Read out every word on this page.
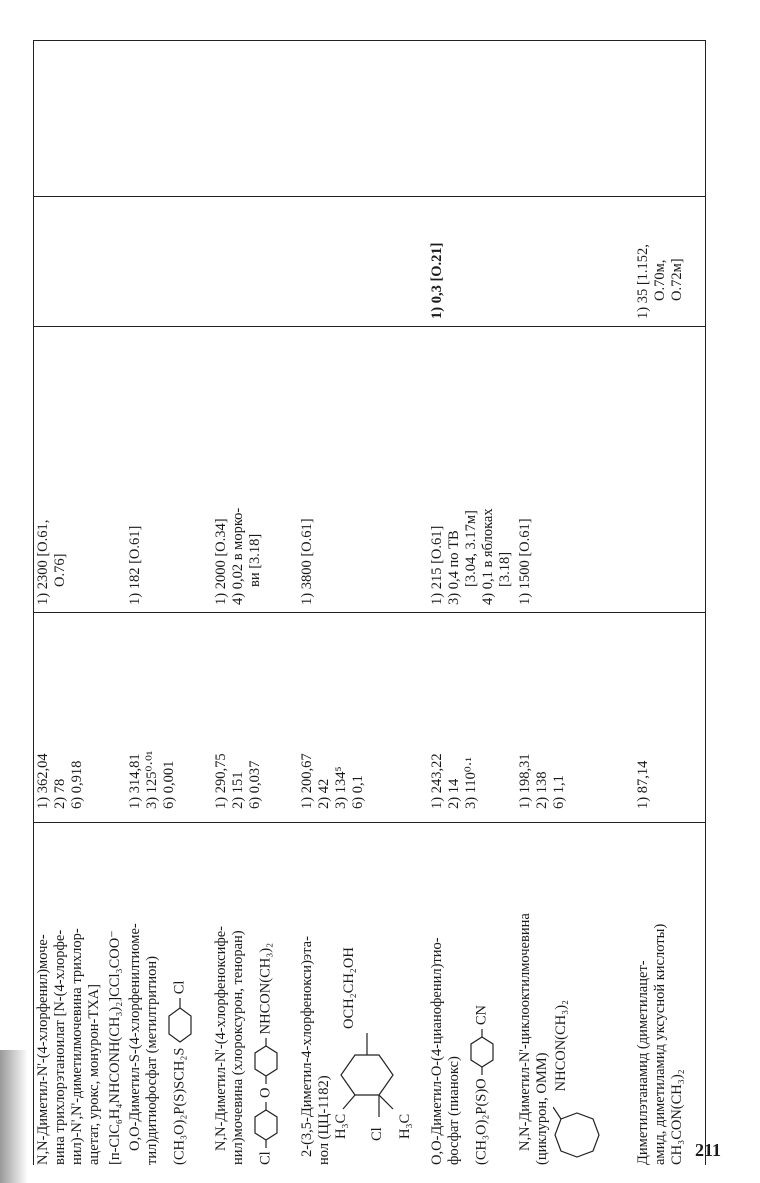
N,N-Диметил-N'-(4-хлорфенил)моче- вина трихлорэтаноилат [N-(4-хлорфе- нил)-N',N'-диметилмочевина трихлор- ацетат, урокс, монурон-ТХА] [п-ClC₆H₄NHCONH(CH₃)₂]CCl₃COO⁻
1) 362,04 2) 78 6) 0,918
1) 2300 [O.61, O.76]
O,O-Диметил-S-(4-хлорфенилтиоме- тил)дитиофосфат (метилтритион) (CH₃O)₂P(S)SCH₂S  Cl
1) 314,81 3) 125⁰·⁰¹ 6) 0,001
1) 182 [O.61]
N,N-Диметил-N'-(4-хлорфеноксифе- нил)мочевина (хлороксурон, тенoран) Cl  O  NHCON(CH₃)₂
1) 290,75 2) 151 6) 0,037
1) 2000 [O.34] 4) 0,02 в морко- ви [3.18]
2-(3,5-Диметил-4-хлорфенокси)эта- нол (ЦЦ-1182)
OCH₂CH₂OH
H₃C Cl H₃C
1) 200,67 2) 42 3) 134⁵ 6) 0,1
1) 3800 [O.61]
O,O-Диметил-O-(4-цианофенил)тио- фосфат (пианокс) (CH₃O)₂P(S)O  CN
1) 243,22 2) 14 3) 110⁰·¹
1) 215 [O.61] 3) 0,4 по ТВ [3.04, 3.17м] 4) 0,1 в яблоках [3.18]
1) 0,3 [O.21]
N,N-Диметил-N'-циклооктилмочевина (циклурон, ОММ)
NHCON(CH₃)₂
1) 198,31 2) 138 6) 1,1
1) 1500 [O.61]
Диметилэтанамид (диметилацет- амид, диметиламид уксусной кислоты) CH₃CON(CH₃)₂
1) 87,14
1) 35 [1.152, O.70м, O.72м]
211
